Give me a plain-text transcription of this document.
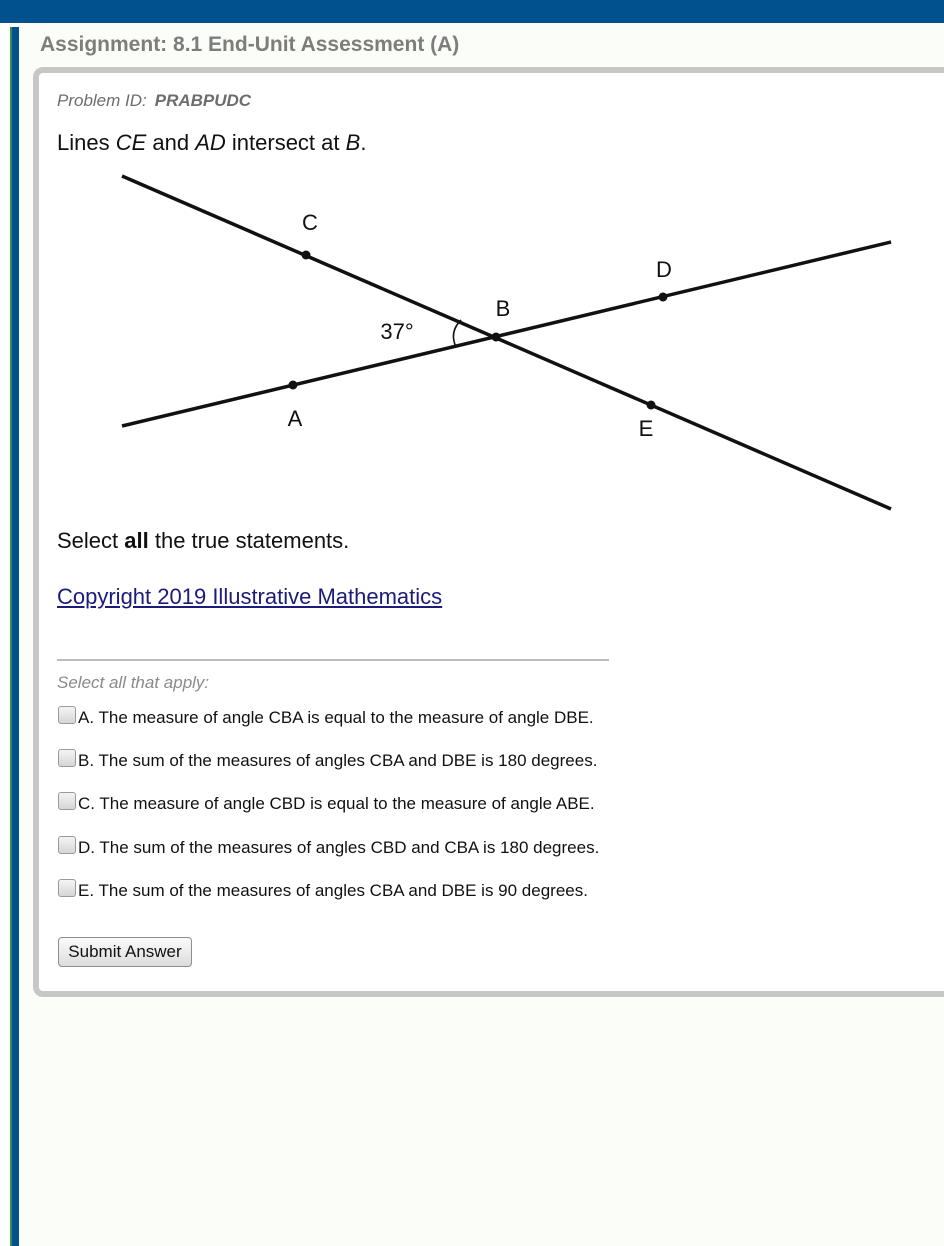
Assignment: 8.1 End-Unit Assessment (A)
Problem ID: PRABPUDC
Lines CE and AD intersect at B.
C
D
B
A	E
37°
Select all the true statements.
Copyright 2019 Illustrative Mathematics
Select all that apply:
A. The measure of angle CBA is equal to the measure of angle DBE.
B. The sum of the measures of angles CBA and DBE is 180 degrees.
C. The measure of angle CBD is equal to the measure of angle ABE.
D. The sum of the measures of angles CBD and CBA is 180 degrees.
E. The sum of the measures of angles CBA and DBE is 90 degrees.
Submit Answer
